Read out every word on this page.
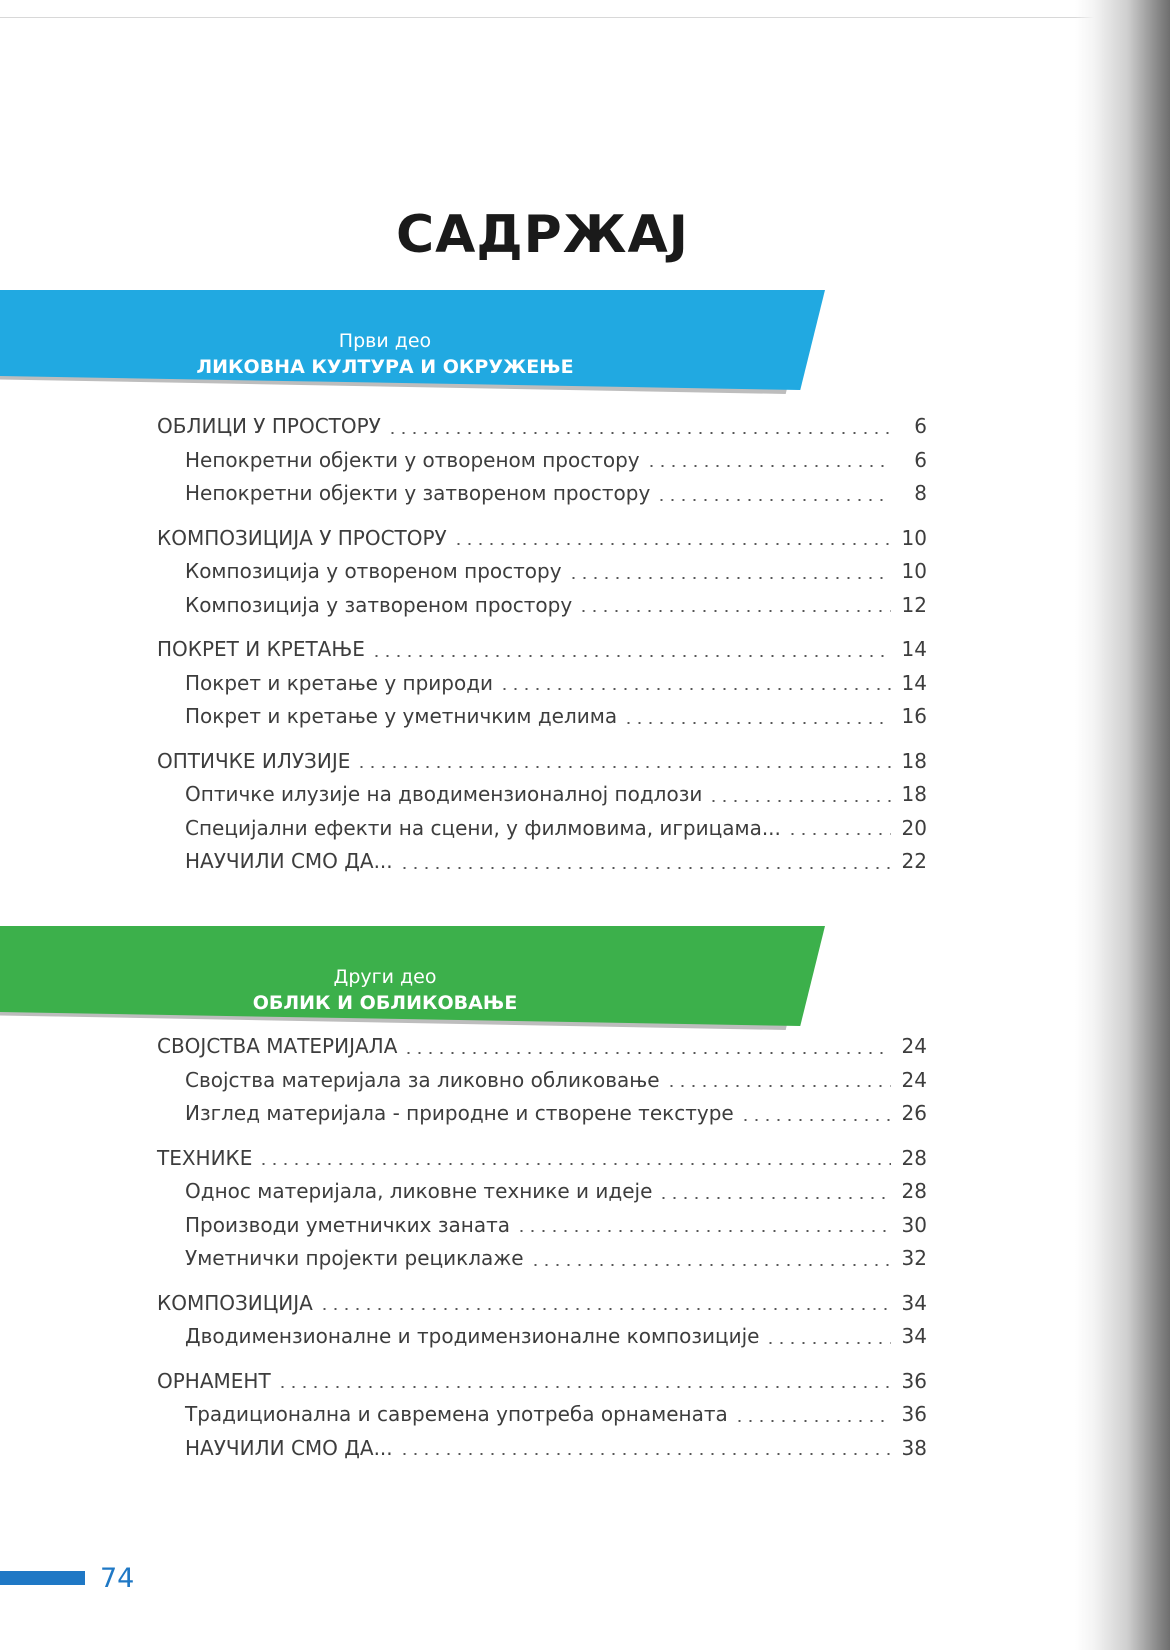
САДРЖАЈ
Први део
ЛИКОВНА КУЛТУРА И ОКРУЖЕЊЕ
ОБЛИЦИ У ПРОСТОРУ	6
Непокретни објекти у отвореном простору	6
Непокретни објекти у затвореном простору	8
КОМПОЗИЦИЈА У ПРОСТОРУ	10
Композиција у отвореном простору	10
Композиција у затвореном простору	12
ПОКРЕТ И КРЕТАЊЕ	14
Покрет и кретање у природи	14
Покрет и кретање у уметничким делима	16
ОПТИЧКЕ ИЛУЗИЈЕ	18
Оптичке илузије на дводимензионалној подлози	18
Специјални ефекти на сцени, у филмовима, игрицама...	20
НАУЧИЛИ СМО ДА...	22
Други део
ОБЛИК И ОБЛИКОВАЊЕ
СВОЈСТВА МАТЕРИЈАЛА	24
Својства материјала за ликовно обликовање	24
Изглед материјала - природне и створене текстуре	26
ТЕХНИКЕ	28
Однос материјала, ликовне технике и идеје	28
Производи уметничких заната	30
Уметнички пројекти рециклаже	32
КОМПОЗИЦИЈА	34
Дводимензионалне и тродимензионалне композиције	34
ОРНАМЕНТ	36
Традиционална и савремена употреба орнамената	36
НАУЧИЛИ СМО ДА...	38
74
